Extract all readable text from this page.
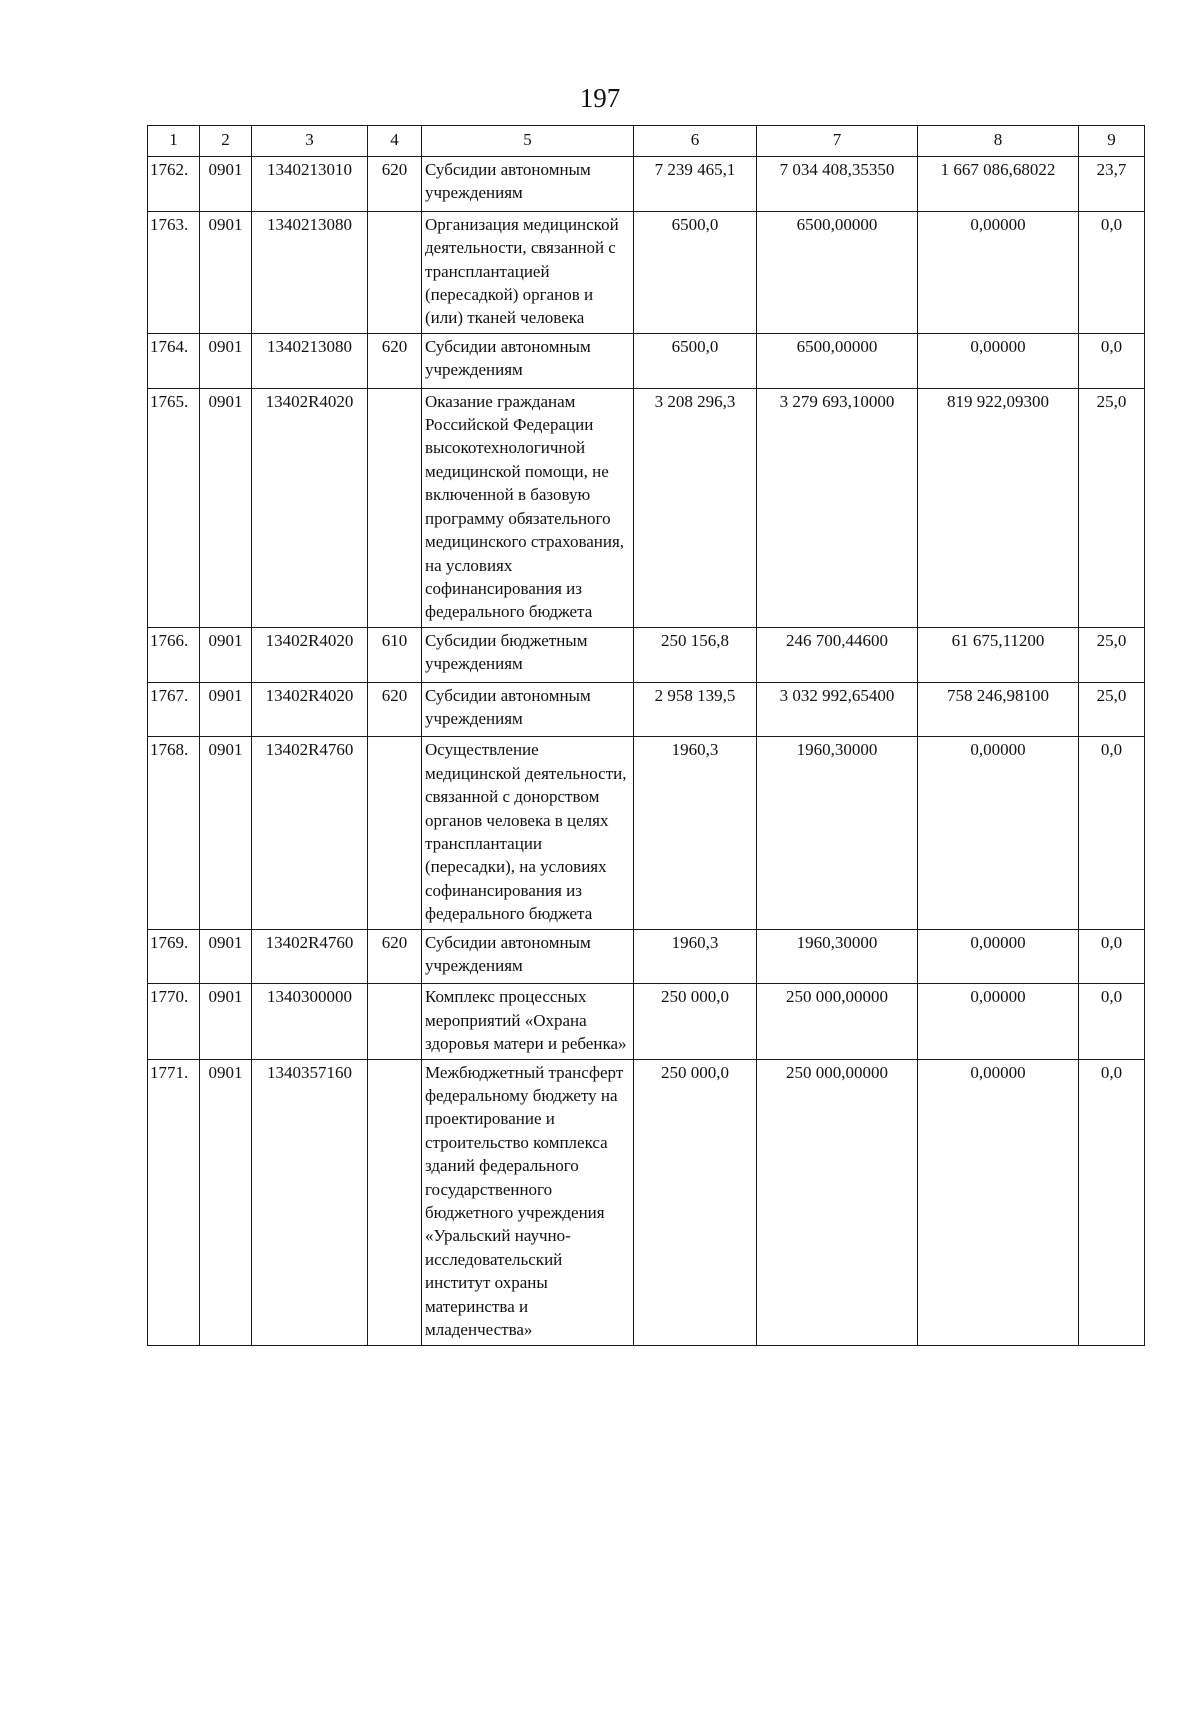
197
1	2	3	4	5	6	7	8	9
1762.	0901	1340213010	620	Субсидии автономным учреждениям	7 239 465,1	7 034 408,35350	1 667 086,68022	23,7
1763.	0901	1340213080		Организация медицинской деятельности, связанной с трансплантацией (пересадкой) органов и (или) тканей человека	6500,0	6500,00000	0,00000	0,0
1764.	0901	1340213080	620	Субсидии автономным учреждениям	6500,0	6500,00000	0,00000	0,0
1765.	0901	13402R4020		Оказание гражданам Российской Федерации высокотехнологичной медицинской помощи, не включенной в базовую программу обязательного медицинского страхования, на условиях софинансирования из федерального бюджета	3 208 296,3	3 279 693,10000	819 922,09300	25,0
1766.	0901	13402R4020	610	Субсидии бюджетным учреждениям	250 156,8	246 700,44600	61 675,11200	25,0
1767.	0901	13402R4020	620	Субсидии автономным учреждениям	2 958 139,5	3 032 992,65400	758 246,98100	25,0
1768.	0901	13402R4760		Осуществление медицинской деятельности, связанной с донорством органов человека в целях трансплантации (пересадки), на условиях софинансирования из федерального бюджета	1960,3	1960,30000	0,00000	0,0
1769.	0901	13402R4760	620	Субсидии автономным учреждениям	1960,3	1960,30000	0,00000	0,0
1770.	0901	1340300000		Комплекс процессных мероприятий «Охрана здоровья матери и ребенка»	250 000,0	250 000,00000	0,00000	0,0
1771.	0901	1340357160		Межбюджетный трансферт федеральному бюджету на проектирование и строительство комплекса зданий федерального государственного бюджетного учреждения «Уральский научно-исследовательский институт охраны материнства и младенчества»	250 000,0	250 000,00000	0,00000	0,0
